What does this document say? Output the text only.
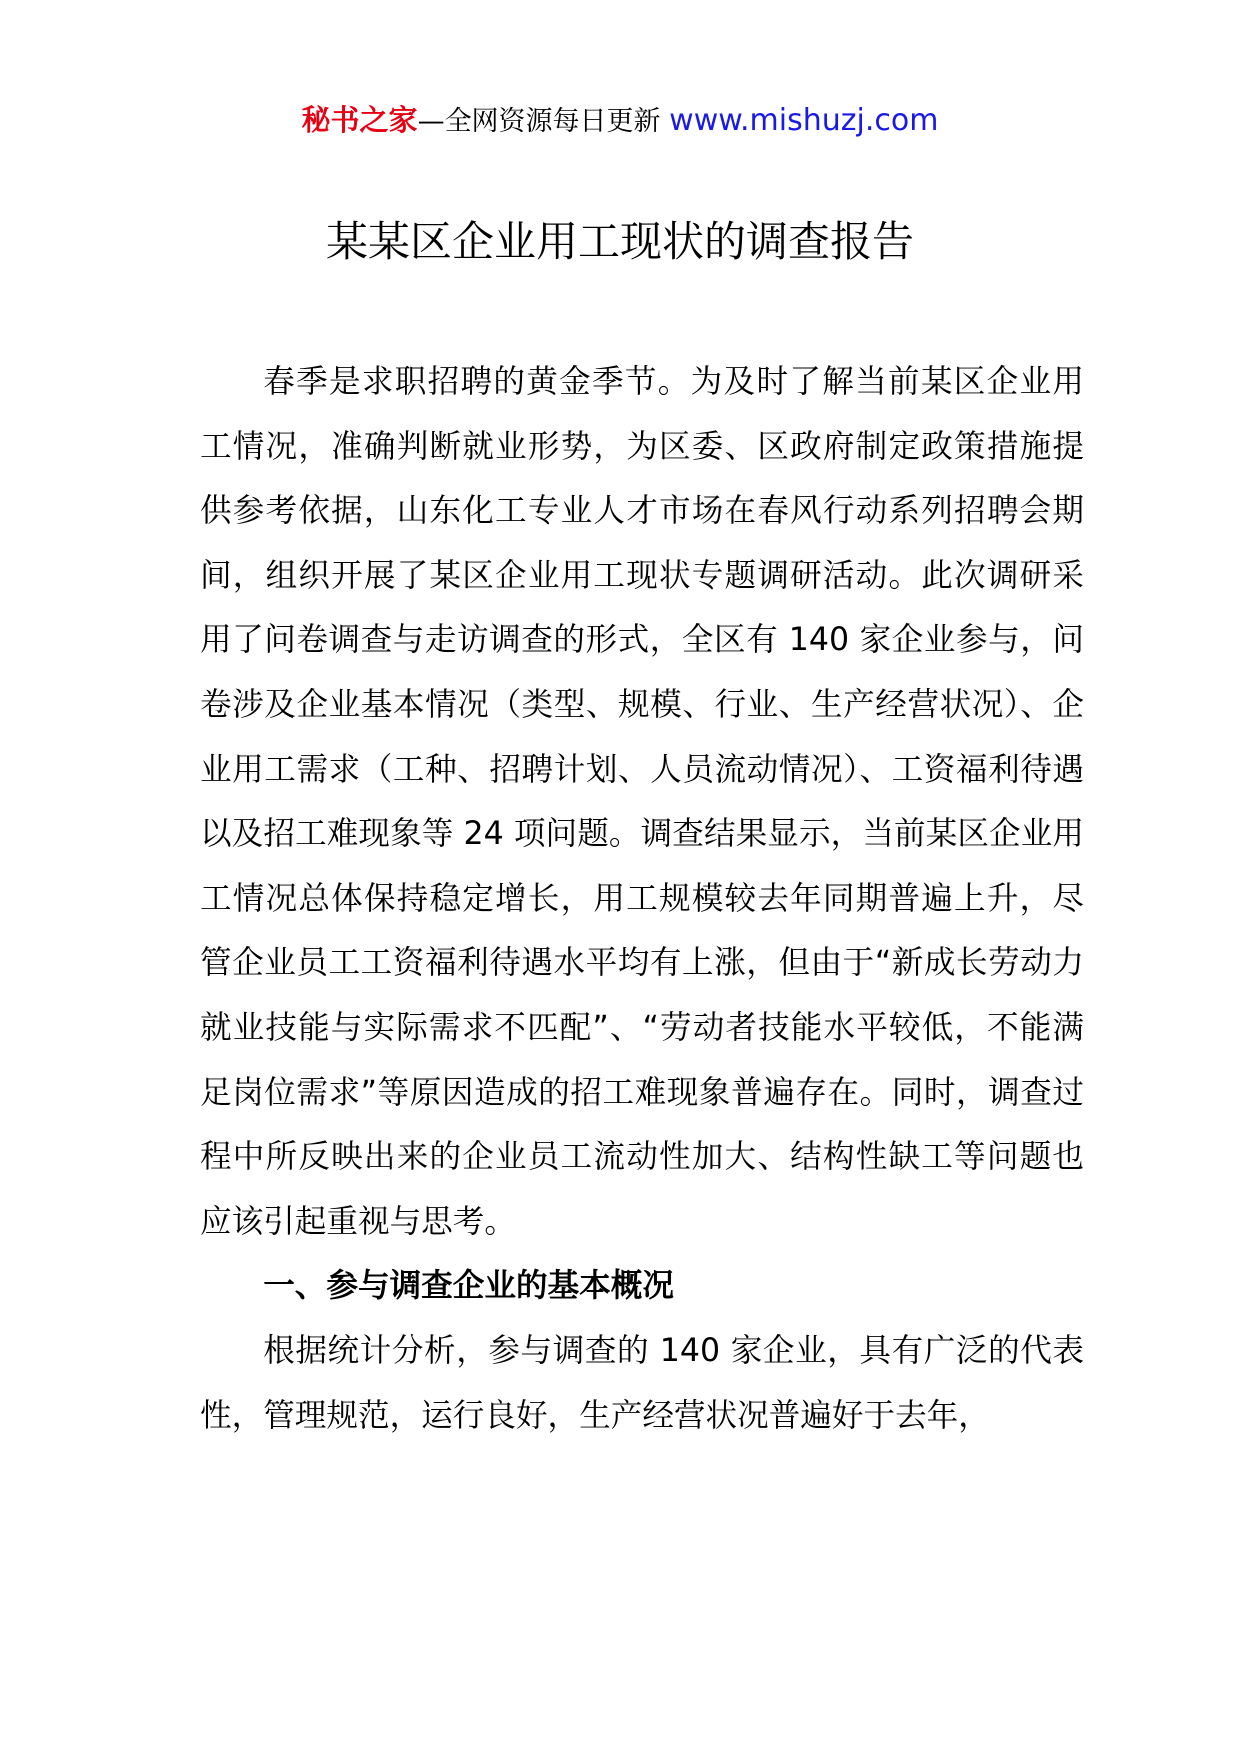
秘书之家—全网资源每日更新 www.mishuzj.com
某某区企业用工现状的调查报告

春季是求职招聘的黄金季节。为及时了解当前某区企业用工情况，准确判断就业形势，为区委、区政府制定政策措施提供参考依据，山东化工专业人才市场在春风行动系列招聘会期间，组织开展了某区企业用工现状专题调研活动。此次调研采用了问卷调查与走访调查的形式，全区有 140 家企业参与，问卷涉及企业基本情况（类型、规模、行业、生产经营状况）、企业用工需求（工种、招聘计划、人员流动情况）、工资福利待遇以及招工难现象等 24 项问题。调查结果显示，当前某区企业用工情况总体保持稳定增长，用工规模较去年同期普遍上升，尽管企业员工工资福利待遇水平均有上涨，但由于“新成长劳动力就业技能与实际需求不匹配”、“劳动者技能水平较低，不能满足岗位需求”等原因造成的招工难现象普遍存在。同时，调查过程中所反映出来的企业员工流动性加大、结构性缺工等问题也应该引起重视与思考。

一、参与调查企业的基本概况

根据统计分析，参与调查的 140 家企业，具有广泛的代表性，管理规范，运行良好，生产经营状况普遍好于去年，
